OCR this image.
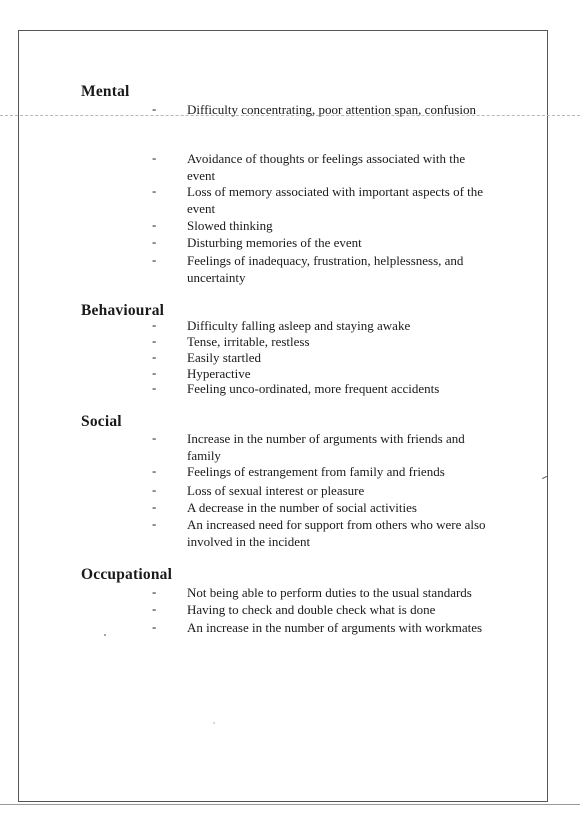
Mental
- Difficulty concentrating, poor attention span, confusion
- Avoidance of thoughts or feelings associated with the event
- Loss of memory associated with important aspects of the event
- Slowed thinking
- Disturbing memories of the event
- Feelings of inadequacy, frustration, helplessness, and uncertainty
Behavioural
- Difficulty falling asleep and staying awake
- Tense, irritable, restless
- Easily startled
- Hyperactive
- Feeling unco-ordinated, more frequent accidents
Social
- Increase in the number of arguments with friends and family
- Feelings of estrangement from family and friends
- Loss of sexual interest or pleasure
- A decrease in the number of social activities
- An increased need for support from others who were also involved in the incident
Occupational
- Not being able to perform duties to the usual standards
- Having to check and double check what is done
- An increase in the number of arguments with workmates
